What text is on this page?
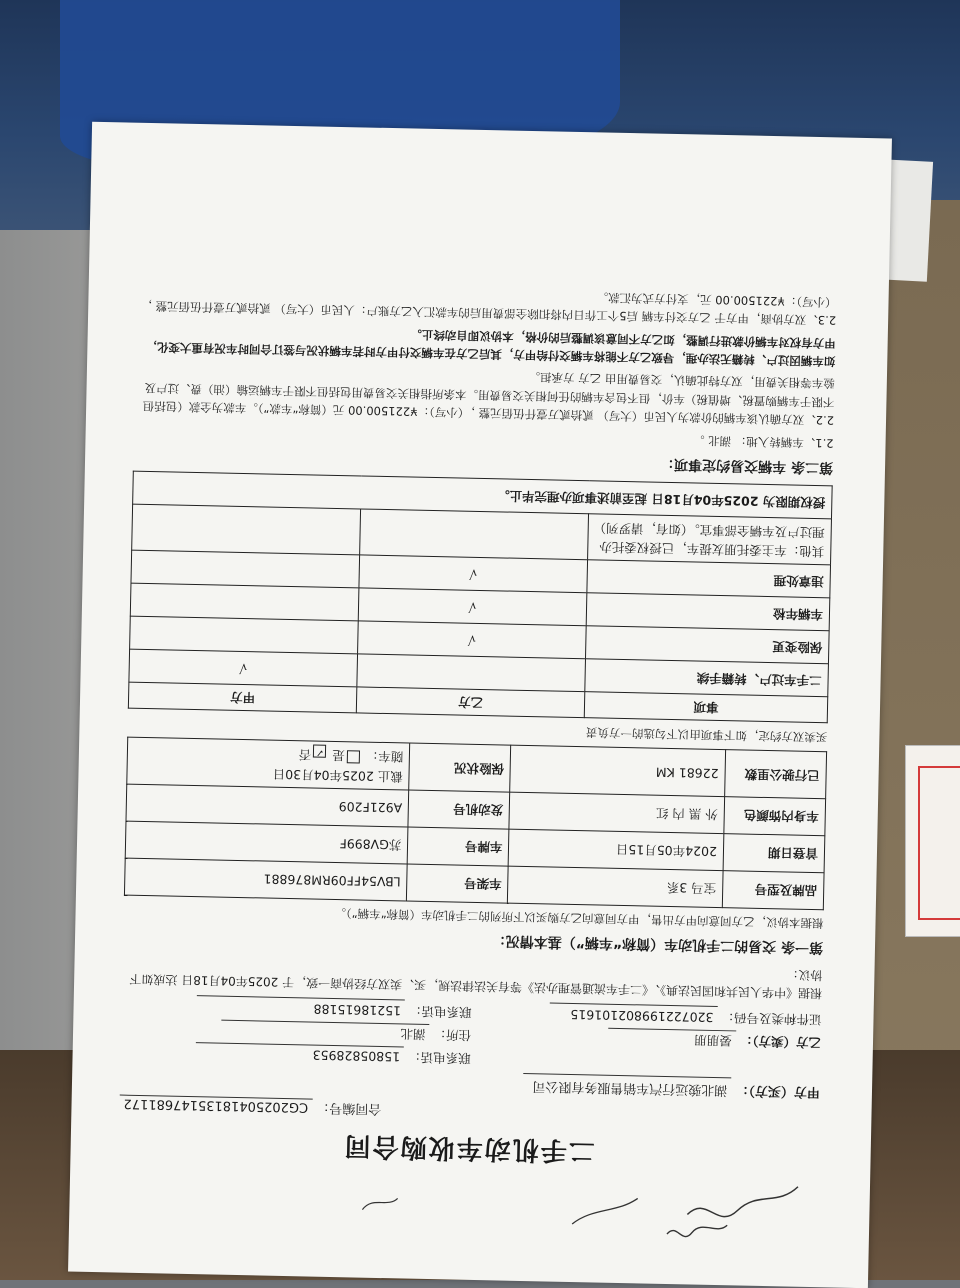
二手机动车收购合同
合同编号： CG20250418135147681172
甲方（买方）： 湖北骏远行汽车销售服务有限公司
联系电话： 15805828953
乙方（卖方）： 晏朋朋
住所： 湖北
证件种类及号码： 320722199802101615
联系电话： 15218615188
根据《中华人民共和国民法典》、《二手车流通管理办法》等有关法律法规，买、卖双方经协商一致，于 2025年04月18日 达成如下协议：
第一条 交易的二手机动车（简称“车辆”）基本情况：
根据本协议，乙方同意向甲方出售，甲方同意向乙方购买以下所列的二手机动车（简称“车辆”）。
品牌及型号	宝马 3系	车架号	LBV54FF09RM876881
首登日期	2024年05月15日	车牌号	苏GV899F
车身内饰颜色	外 黑 内 红	发动机号	A921F209
已行驶公里数	22681 KM	保险状况	截止 2025年04月30日
随车： 是 ✓否
买卖双方约定，如下事项由以下勾选的一方负责
事项	乙方	甲方
二手车过户、转籍手续		√
保险变更	√	
车辆年检	√	
违章处理	√	
其他：车主委托朋友提车，已授权委托办理过户及车辆全部事宜。（如有，请罗列）		
授权期限为 2025年04月18日 起至前述事项办理完毕止。		
第二条 车辆交易约定事项：
2.1、车辆转入地： 湖北 。
2.2、双方确认该车辆的价款为人民币（大写） 贰拾贰万壹仟伍佰元整 ，（小写）：¥221500.00 元（简称“车款”）。车款为全款（包括但不限于车辆购置税、增值税）车价，但不包含车辆的任何相关交易费用。本条所指相关交易费用包括但不限于车辆运输（油）费、过户及验车等相关费用，双方特此确认，交易费用由 乙方 方承担。
如车辆因过户、转籍无法办理，导致乙方不能将车辆交付给甲方，其后乙方在车辆交付甲方时若车辆状况与签订合同时车况有重大变化，甲方有权对车辆价款进行调整，如乙方不同意该调整后的价格，本协议即自动终止。
2.3、双方协商，甲方于 乙方交付车辆 后5个工作日内将扣除全部费用后的车款汇入乙方账户：人民币（大写） 贰拾贰万壹仟伍佰元整 ，（小写）：¥221500.00 元，支付方式为汇款。
